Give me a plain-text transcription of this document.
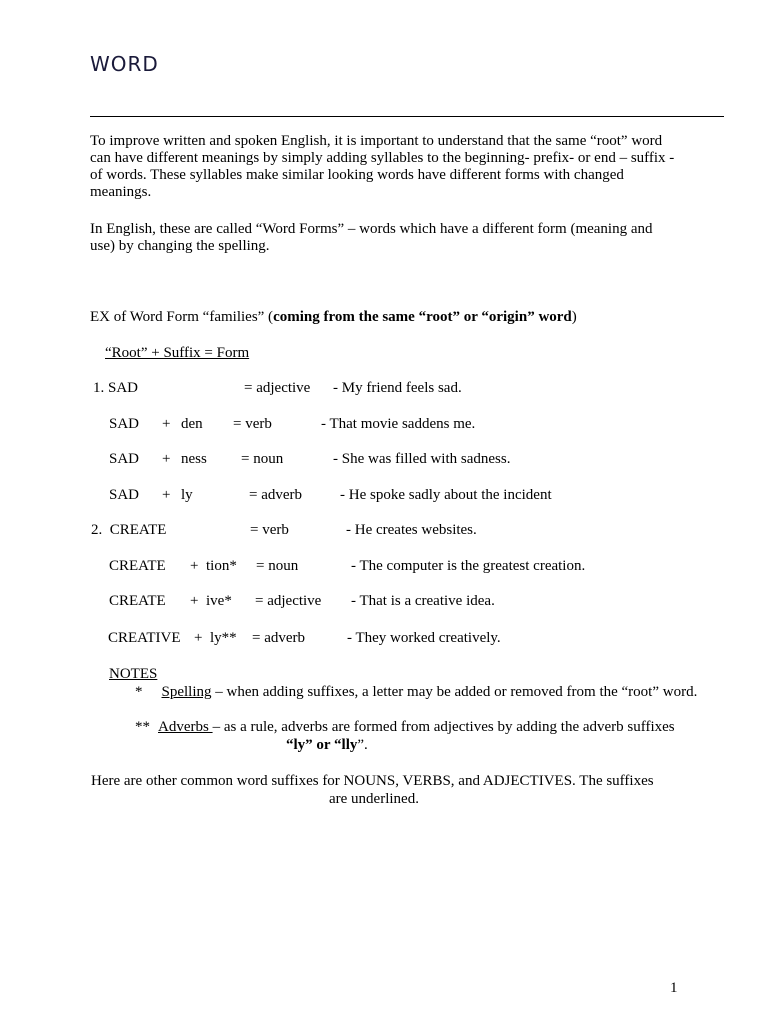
WORD
To improve written and spoken English, it is important to understand that the same “root” word
can have different meanings by simply adding syllables to the beginning- prefix- or end – suffix -
of words. These syllables make similar looking words have different forms with changed
meanings.
In English, these are called “Word Forms” – words which have a different form (meaning and
use) by changing the spelling.
EX of Word Form “families” (coming from the same “root” or “origin” word)
“Root” + Suffix = Form
1. SAD	= adjective - My friend feels sad.
SAD + den = verb	- That movie saddens me.
SAD + ness = noun	- She was filled with sadness.
SAD + ly	= adverb	- He spoke sadly about the incident
2.  CREATE	= verb	- He creates websites.
CREATE + tion* = noun	- The computer is the greatest creation.
CREATE + ive* = adjective - That is a creative idea.
CREATIVE + ly** = adverb	- They worked creatively.
NOTES
* Spelling – when adding suffixes, a letter may be added or removed from the “root” word.
** Adverbs – as a rule, adverbs are formed from adjectives by adding the adverb suffixes
“ly” or “lly”.
Here are other common word suffixes for NOUNS, VERBS, and ADJECTIVES. The suffixes
are underlined.
1
